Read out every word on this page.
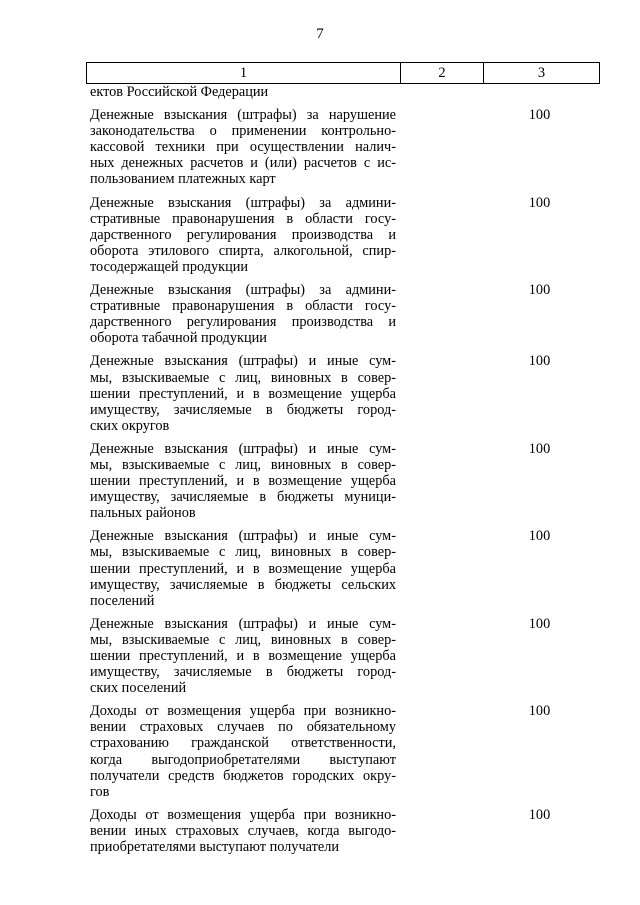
7
1	2	3
ектов Российской Федерации
Денежные взыскания (штрафы) за нарушение
законодательства о применении контрольно-
кассовой техники при осуществлении налич-
ных денежных расчетов и (или) расчетов с ис-
пользованием платежных карт
100
Денежные взыскания (штрафы) за админи-
стративные правонарушения в области госу-
дарственного регулирования производства и
оборота этилового спирта, алкогольной, спир-
тосодержащей продукции
100
Денежные взыскания (штрафы) за админи-
стративные правонарушения в области госу-
дарственного регулирования производства и
оборота табачной продукции
100
Денежные взыскания (штрафы) и иные сум-
мы, взыскиваемые с лиц, виновных в совер-
шении преступлений, и в возмещение ущерба
имуществу, зачисляемые в бюджеты город-
ских округов
100
Денежные взыскания (штрафы) и иные сум-
мы, взыскиваемые с лиц, виновных в совер-
шении преступлений, и в возмещение ущерба
имуществу, зачисляемые в бюджеты муници-
пальных районов
100
Денежные взыскания (штрафы) и иные сум-
мы, взыскиваемые с лиц, виновных в совер-
шении преступлений, и в возмещение ущерба
имуществу, зачисляемые в бюджеты сельских
поселений
100
Денежные взыскания (штрафы) и иные сум-
мы, взыскиваемые с лиц, виновных в совер-
шении преступлений, и в возмещение ущерба
имуществу, зачисляемые в бюджеты город-
ских поселений
100
Доходы от возмещения ущерба при возникно-
вении страховых случаев по обязательному
страхованию гражданской ответственности,
когда выгодоприобретателями выступают
получатели средств бюджетов городских окру-
гов
100
Доходы от возмещения ущерба при возникно-
вении иных страховых случаев, когда выгодо-
приобретателями выступают получатели
100
